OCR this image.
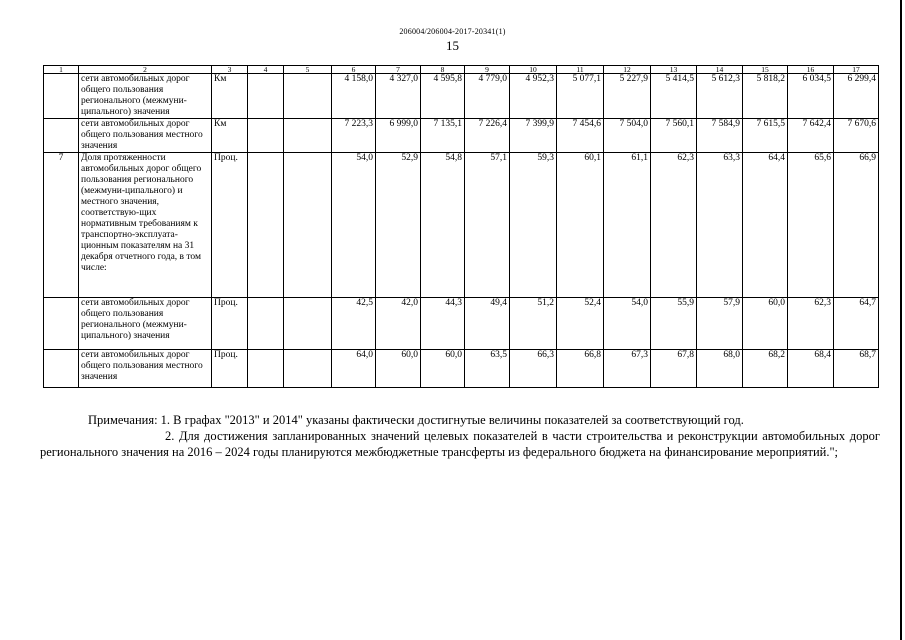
206004/206004-2017-20341(1)
15
1	2	3	4	5	6	7	8	9	10	11	12	13	14	15	16	17
	сети автомобильных дорог общего пользования регионального (межмуни-ципального) значения	Км			4 158,0	4 327,0	4 595,8	4 779,0	4 952,3	5 077,1	5 227,9	5 414,5	5 612,3	5 818,2	6 034,5	6 299,4
	сети автомобильных дорог общего пользования местного значения	Км			7 223,3	6 999,0	7 135,1	7 226,4	7 399,9	7 454,6	7 504,0	7 560,1	7 584,9	7 615,5	7 642,4	7 670,6
7	Доля протяженности автомобильных дорог общего пользования регионального (межмуни-ципального) и местного значения, соответствую-щих нормативным требованиям к транспортно-эксплуата-ционным показателям на 31 декабря отчетного года, в том числе:	Проц.			54,0	52,9	54,8	57,1	59,3	60,1	61,1	62,3	63,3	64,4	65,6	66,9
	сети автомобильных дорог общего пользования регионального (межмуни-ципального) значения	Проц.			42,5	42,0	44,3	49,4	51,2	52,4	54,0	55,9	57,9	60,0	62,3	64,7
	сети автомобильных дорог общего пользования местного значения	Проц.			64,0	60,0	60,0	63,5	66,3	66,8	67,3	67,8	68,0	68,2	68,4	68,7
Примечания: 1. В графах "2013" и 2014" указаны фактически достигнутые величины показателей за соответствующий год.
2. Для достижения запланированных значений целевых показателей в части строительства и реконструкции автомобильных дорог регионального значения на 2016 – 2024 годы планируются межбюджетные трансферты из федерального бюджета на финансирование мероприятий.";
